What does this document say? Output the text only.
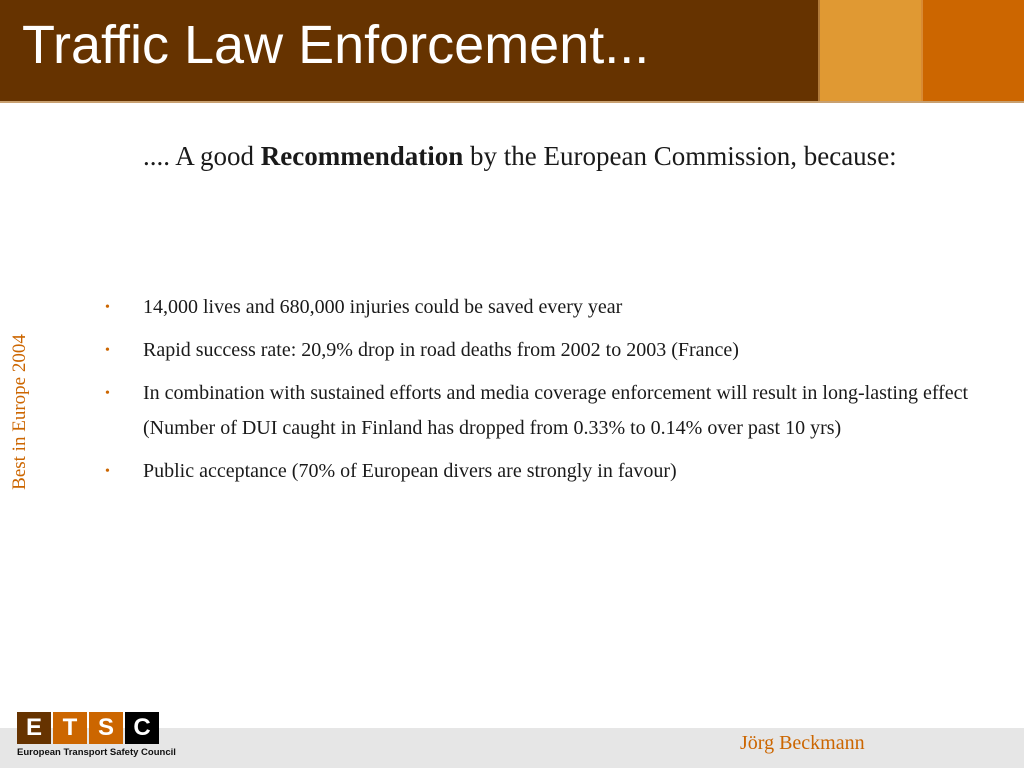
Traffic Law Enforcement...
Best in Europe 2004
.... A good Recommendation by the European Commission, because:
• 14,000 lives and 680,000 injuries could be saved every year
• Rapid success rate: 20,9% drop in road deaths from 2002 to 2003 (France)
• In combination with sustained efforts and media coverage enforcement will result in long-lasting effect (Number of DUI caught in Finland has dropped from 0.33% to 0.14% over past 10 yrs)
• Public acceptance (70% of European divers are strongly in favour)
E T S C
European Transport Safety Council	Jörg Beckmann
